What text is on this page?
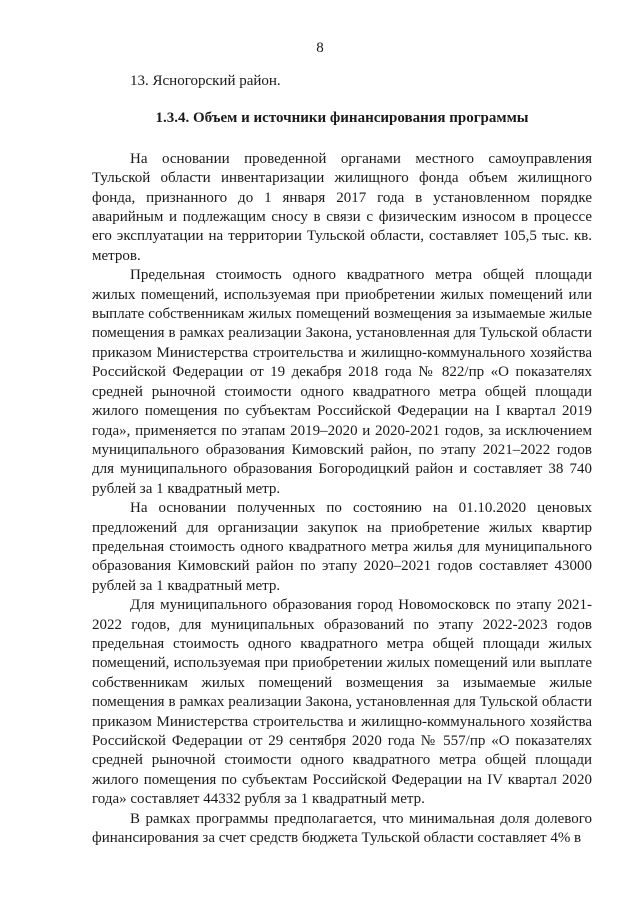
8

13. Ясногорский район.

1.3.4. Объем и источники финансирования программы

На основании проведенной органами местного самоуправления Тульской области инвентаризации жилищного фонда объем жилищного фонда, признанного до 1 января 2017 года в установленном порядке аварийным и подлежащим сносу в связи с физическим износом в процессе его эксплуатации на территории Тульской области, составляет 105,5 тыс. кв. метров.

Предельная стоимость одного квадратного метра общей площади жилых помещений, используемая при приобретении жилых помещений или выплате собственникам жилых помещений возмещения за изымаемые жилые помещения в рамках реализации Закона, установленная для Тульской области приказом Министерства строительства и жилищно-коммунального хозяйства Российской Федерации от 19 декабря 2018 года № 822/пр «О показателях средней рыночной стоимости одного квадратного метра общей площади жилого помещения по субъектам Российской Федерации на I квартал 2019 года», применяется по этапам 2019–2020 и 2020-2021 годов, за исключением муниципального образования Кимовский район, по этапу 2021–2022 годов для муниципального образования Богородицкий район и составляет 38 740 рублей за 1 квадратный метр.

На основании полученных по состоянию на 01.10.2020 ценовых предложений для организации закупок на приобретение жилых квартир предельная стоимость одного квадратного метра жилья для муниципального образования Кимовский район по этапу 2020–2021 годов составляет 43000 рублей за 1 квадратный метр.

Для муниципального образования город Новомосковск по этапу 2021-2022 годов, для муниципальных образований по этапу 2022-2023 годов предельная стоимость одного квадратного метра общей площади жилых помещений, используемая при приобретении жилых помещений или выплате собственникам жилых помещений возмещения за изымаемые жилые помещения в рамках реализации Закона, установленная для Тульской области приказом Министерства строительства и жилищно-коммунального хозяйства Российской Федерации от 29 сентября 2020 года № 557/пр «О показателях средней рыночной стоимости одного квадратного метра общей площади жилого помещения по субъектам Российской Федерации на IV квартал 2020 года» составляет 44332 рубля за 1 квадратный метр.

В рамках программы предполагается, что минимальная доля долевого финансирования за счет средств бюджета Тульской области составляет 4% в
